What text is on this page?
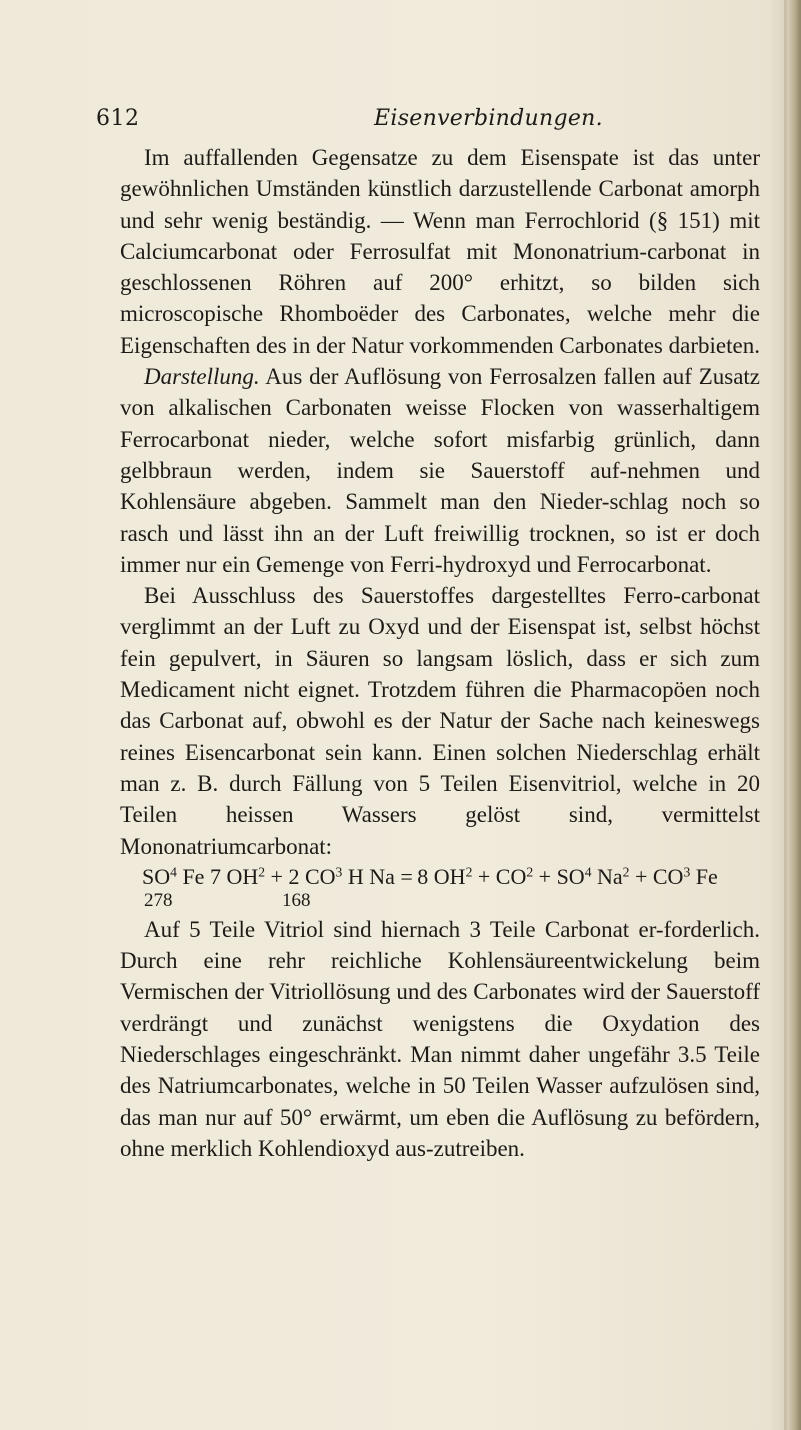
612	Eisenverbindungen.

Im auffallenden Gegensatze zu dem Eisenspate ist das unter gewöhnlichen Umständen künstlich darzustellende Carbonat amorph und sehr wenig beständig. — Wenn man Ferrochlorid (§ 151) mit Calciumcarbonat oder Ferrosulfat mit Mononatrium-carbonat in geschlossenen Röhren auf 200° erhitzt, so bilden sich microscopische Rhomboëder des Carbonates, welche mehr die Eigenschaften des in der Natur vorkommenden Carbonates darbieten.

Darstellung. Aus der Auflösung von Ferrosalzen fallen auf Zusatz von alkalischen Carbonaten weisse Flocken von wasserhaltigem Ferrocarbonat nieder, welche sofort misfarbig grünlich, dann gelbbraun werden, indem sie Sauerstoff auf-nehmen und Kohlensäure abgeben. Sammelt man den Nieder-schlag noch so rasch und lässt ihn an der Luft freiwillig trocknen, so ist er doch immer nur ein Gemenge von Ferri-hydroxyd und Ferrocarbonat.

Bei Ausschluss des Sauerstoffes dargestelltes Ferro-carbonat verglimmt an der Luft zu Oxyd und der Eisenspat ist, selbst höchst fein gepulvert, in Säuren so langsam löslich, dass er sich zum Medicament nicht eignet. Trotzdem führen die Pharmacopöen noch das Carbonat auf, obwohl es der Natur der Sache nach keineswegs reines Eisencarbonat sein kann. Einen solchen Niederschlag erhält man z. B. durch Fällung von 5 Teilen Eisenvitriol, welche in 20 Teilen heissen Wassers gelöst sind, vermittelst Mononatriumcarbonat:

$SO^4$ Fe 7 $OH^2 + 2$ $CO^3$ H Na = 8 $OH^2 + CO^2 + SO^4$ $Na^2 + CO^3$ Fe
278	168

Auf 5 Teile Vitriol sind hiernach 3 Teile Carbonat er-forderlich. Durch eine rehr reichliche Kohlensäureentwickelung beim Vermischen der Vitriollösung und des Carbonates wird der Sauerstoff verdrängt und zunächst wenigstens die Oxydation des Niederschlages eingeschränkt. Man nimmt daher ungefähr 3.5 Teile des Natriumcarbonates, welche in 50 Teilen Wasser aufzulösen sind, das man nur auf 50° erwärmt, um eben die Auflösung zu befördern, ohne merklich Kohlendioxyd aus-zutreiben.
